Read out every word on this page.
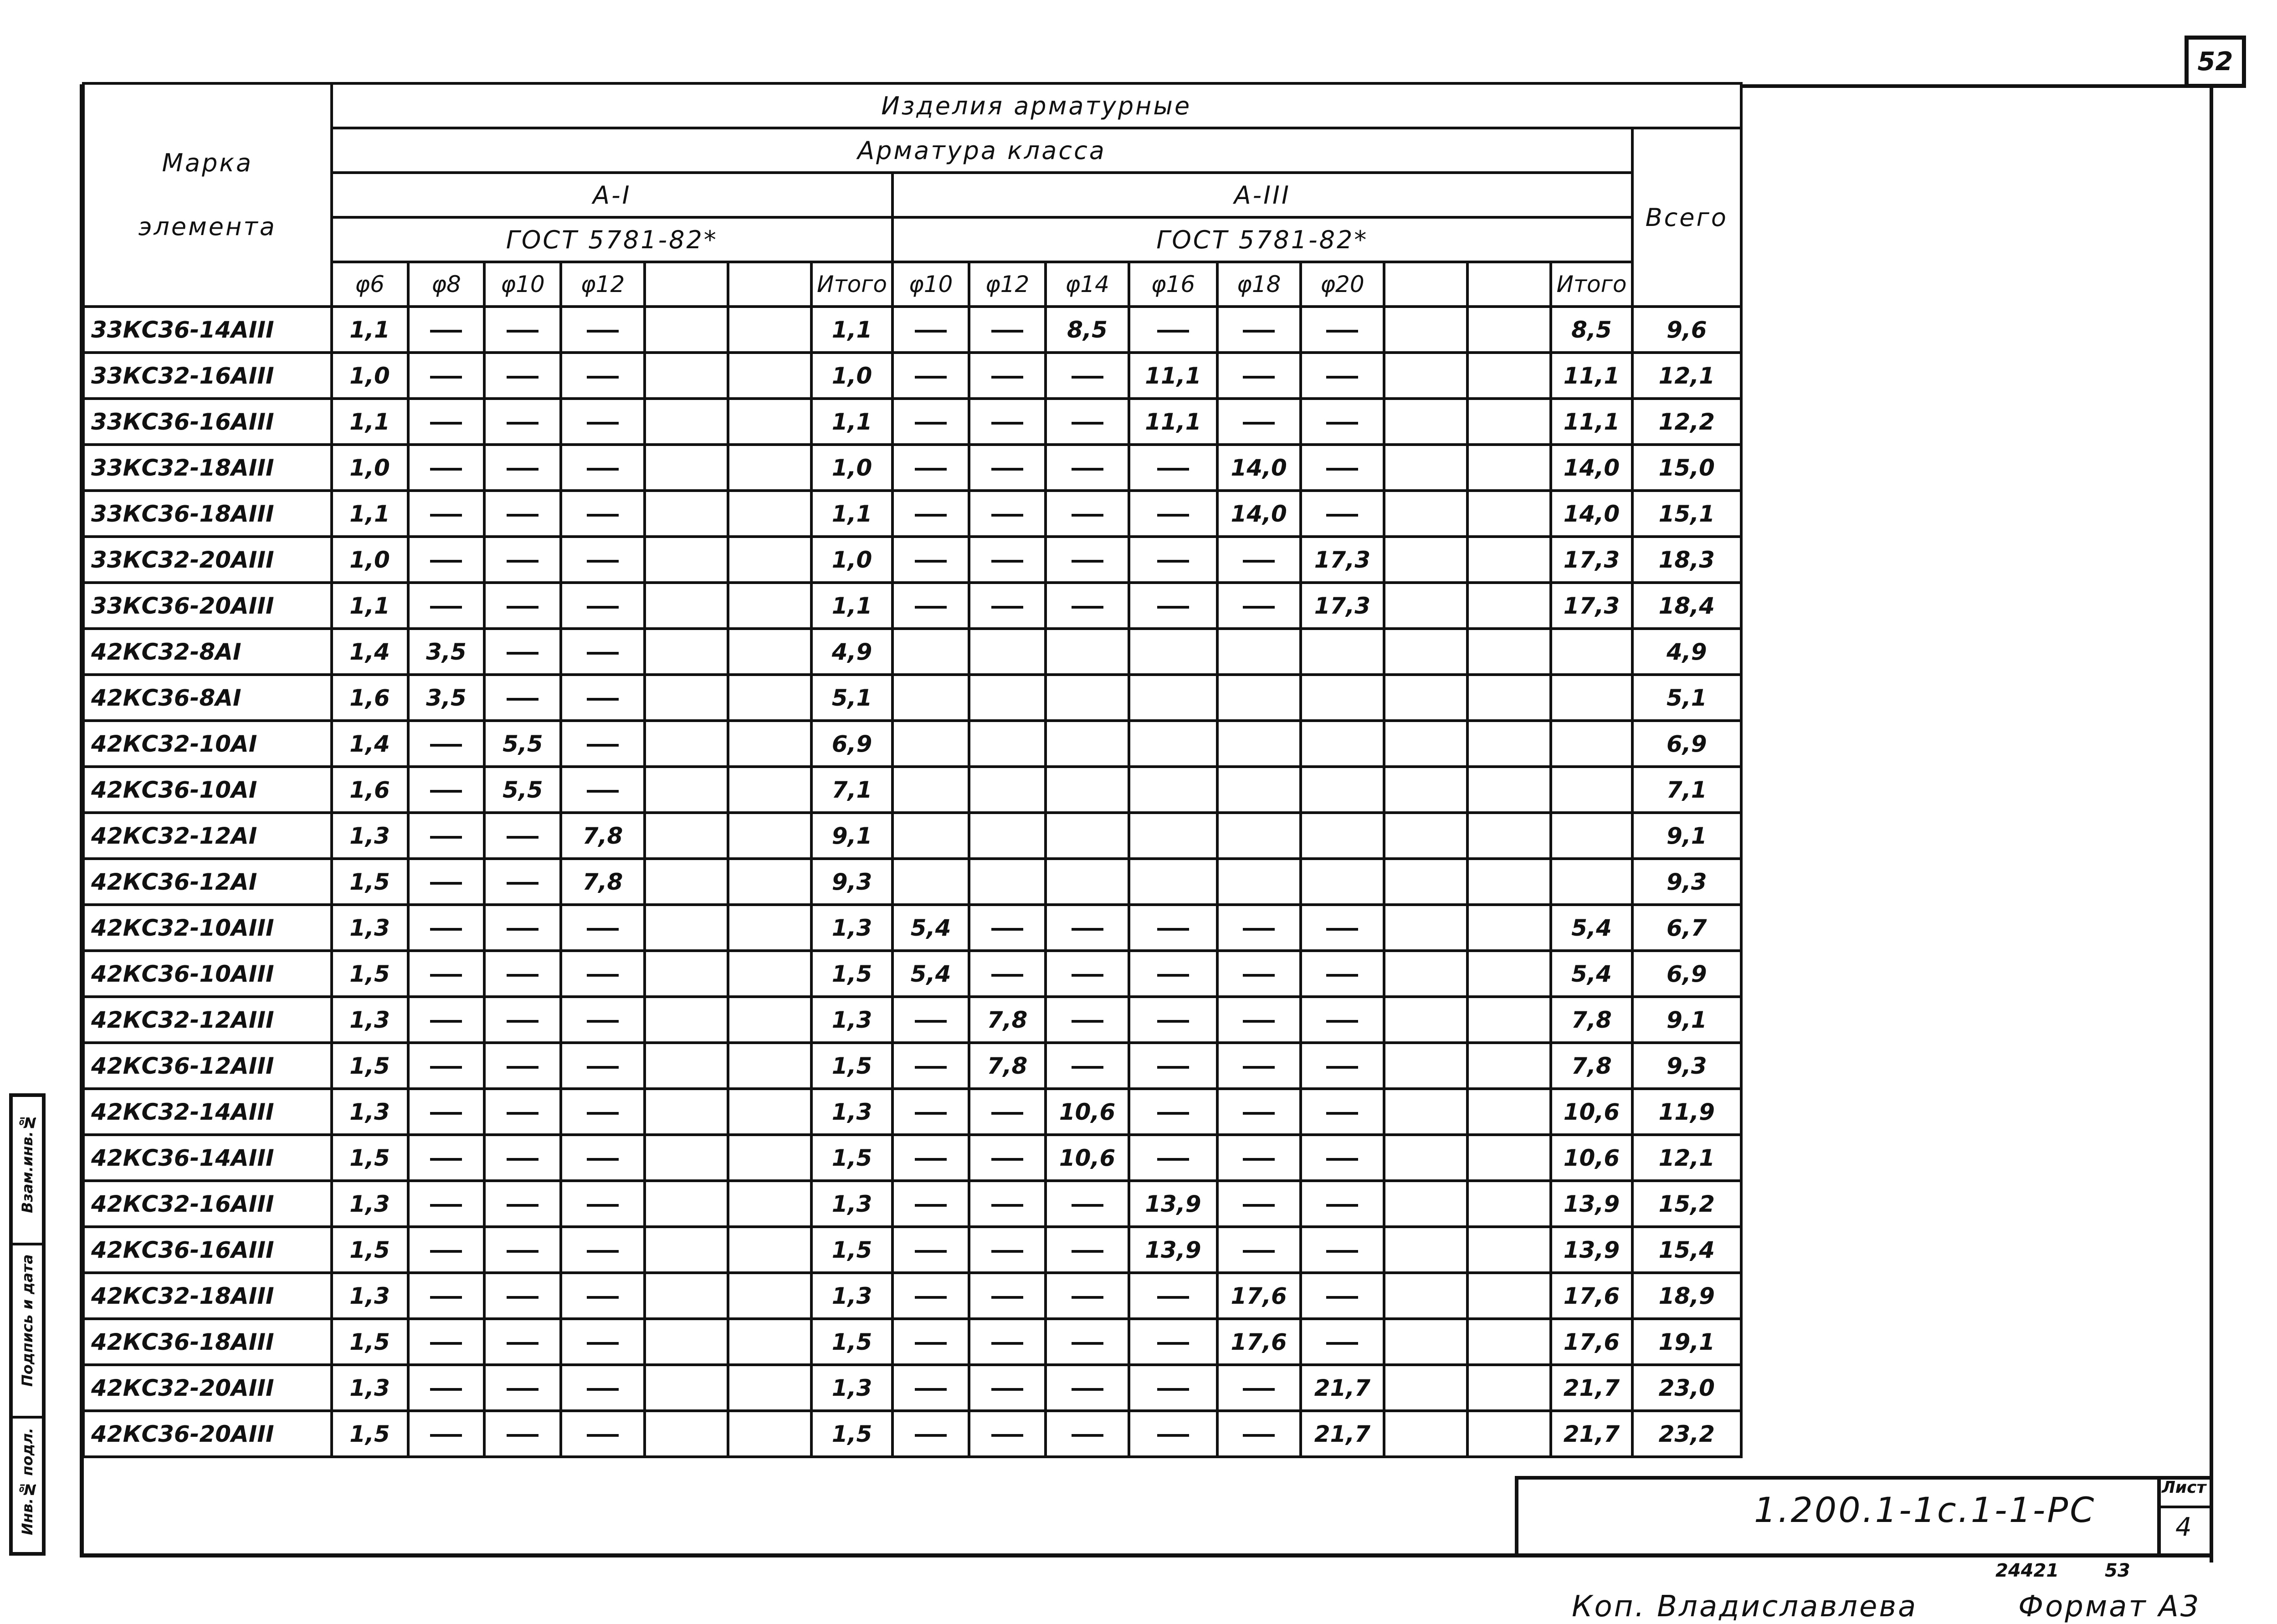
52
Марка
элемента	Изделия арматурные																
	Арматура класса																Всего
	А-I							А-ІІІ									
	ГОСТ 5781-82*							ГОСТ 5781-82*									
	φ6	φ8	φ10	φ12			Итого	φ10	φ12	φ14	φ16	φ18	φ20			Итого	
33КС36-14АIII	1,1						1,1			8,5						8,5	9,6
33КС32-16АIII	1,0						1,0				11,1					11,1	12,1
33КС36-16АIII	1,1						1,1				11,1					11,1	12,2
33КС32-18АIII	1,0						1,0					14,0				14,0	15,0
33КС36-18АIII	1,1						1,1					14,0				14,0	15,1
33КС32-20АIII	1,0						1,0						17,3			17,3	18,3
33КС36-20АIII	1,1						1,1						17,3			17,3	18,4
42КС32-8АI	1,4	3,5					4,9										4,9
42КС36-8АI	1,6	3,5					5,1										5,1
42КС32-10АI	1,4		5,5				6,9										6,9
42КС36-10АI	1,6		5,5				7,1										7,1
42КС32-12АI	1,3			7,8			9,1										9,1
42КС36-12АI	1,5			7,8			9,3										9,3
42КС32-10АIII	1,3						1,3	5,4								5,4	6,7
42КС36-10АIII	1,5						1,5	5,4								5,4	6,9
42КС32-12АIII	1,3						1,3		7,8							7,8	9,1
42КС36-12АIII	1,5						1,5		7,8							7,8	9,3
42КС32-14АIII	1,3						1,3			10,6						10,6	11,9
42КС36-14АIII	1,5						1,5			10,6						10,6	12,1
42КС32-16АIII	1,3						1,3				13,9					13,9	15,2
42КС36-16АIII	1,5						1,5				13,9					13,9	15,4
42КС32-18АIII	1,3						1,3					17,6				17,6	18,9
42КС36-18АIII	1,5						1,5					17,6				17,6	19,1
42КС32-20АIII	1,3						1,3						21,7			21,7	23,0
42КС36-20АIII	1,5						1,5						21,7			21,7	23,2
Инв.№ подл.
Подпись и дата
Взам.инв.№
1.200.1-1с.1-1-РС
Лист
4
24421	53
Коп. Владиславлева	Формат А3
